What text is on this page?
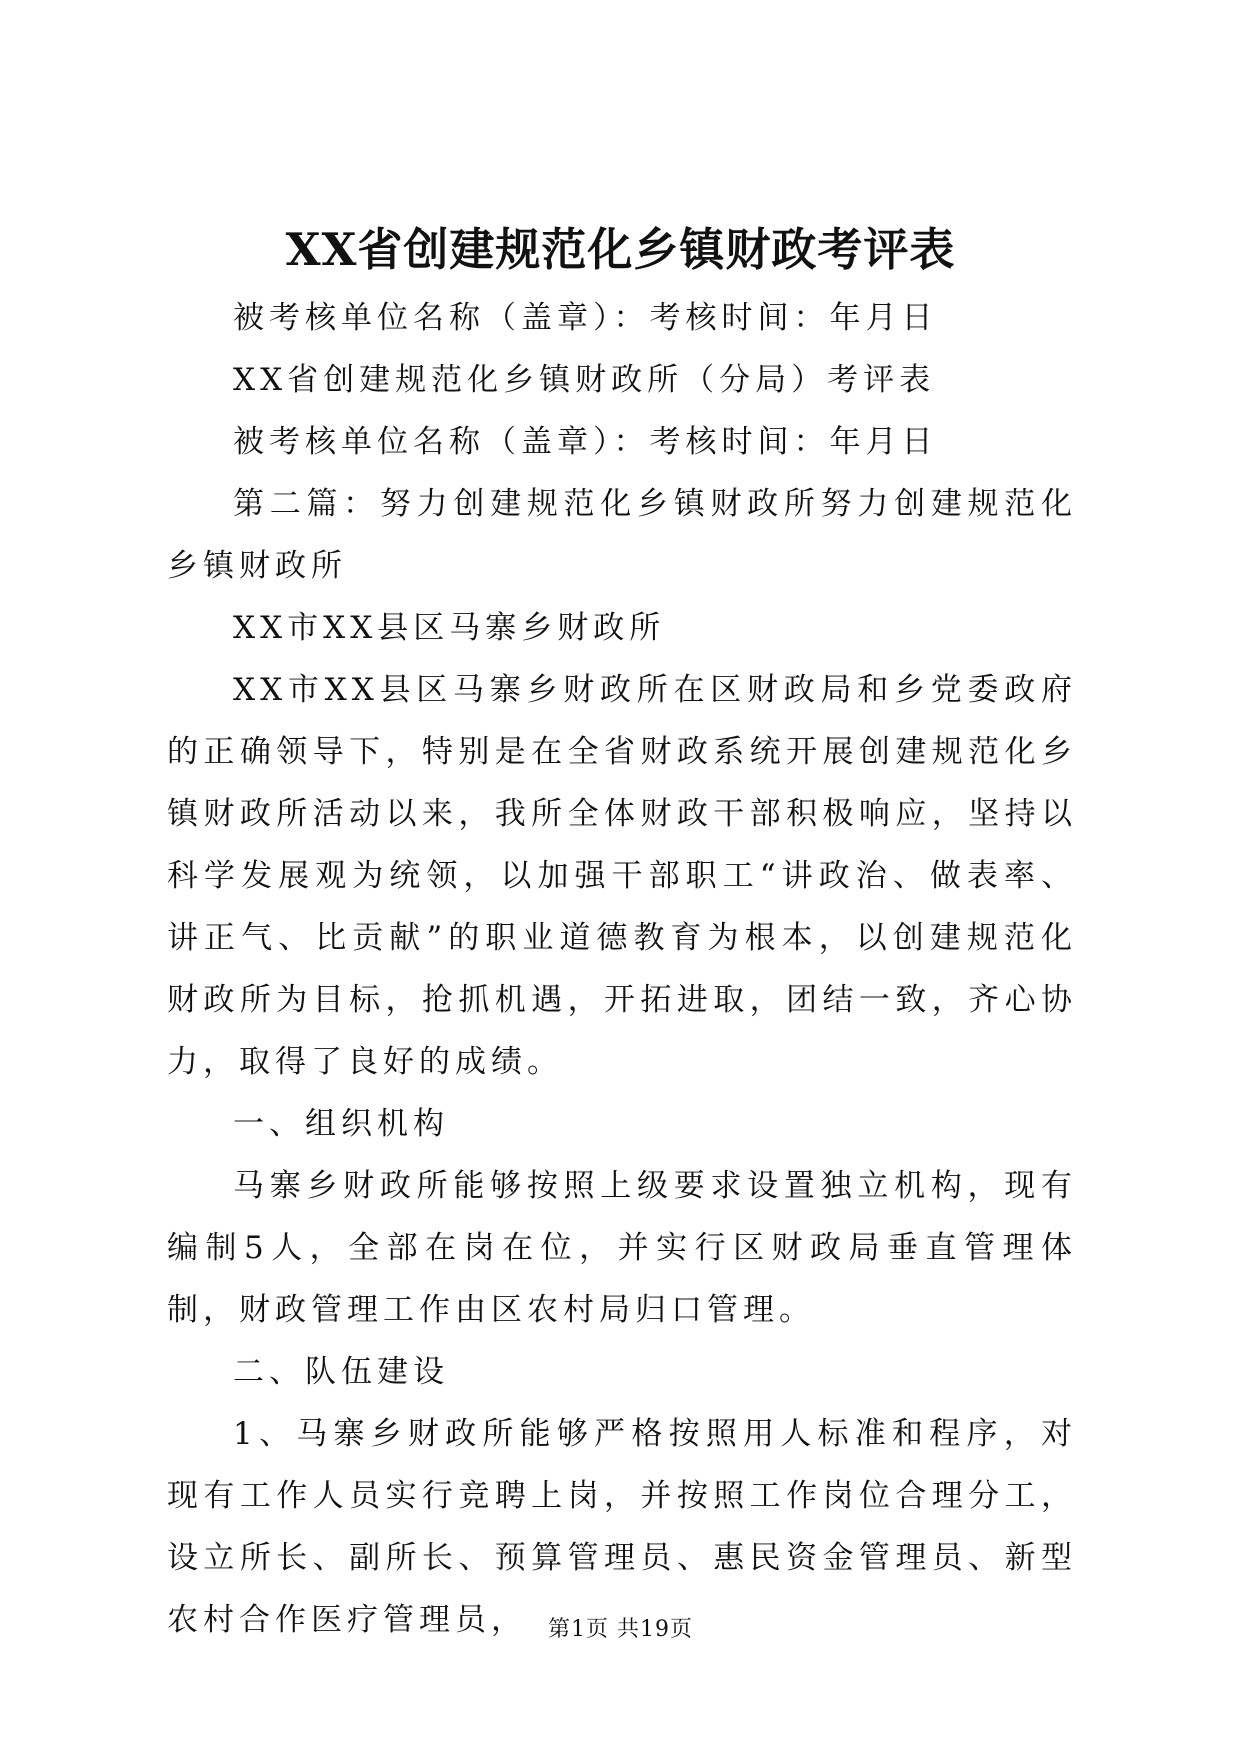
XX省创建规范化乡镇财政考评表

被考核单位名称（盖章）：考核时间：年月日

XX省创建规范化乡镇财政所（分局）考评表

被考核单位名称（盖章）：考核时间：年月日

第二篇：努力创建规范化乡镇财政所努力创建规范化乡镇财政所

XX市XX县区马寨乡财政所

XX市XX县区马寨乡财政所在区财政局和乡党委政府的正确领导下，特别是在全省财政系统开展创建规范化乡镇财政所活动以来，我所全体财政干部积极响应，坚持以科学发展观为统领，以加强干部职工“讲政治、做表率、讲正气、比贡献”的职业道德教育为根本，以创建规范化财政所为目标，抢抓机遇，开拓进取，团结一致，齐心协力，取得了良好的成绩。

一、组织机构

马寨乡财政所能够按照上级要求设置独立机构，现有编制5人，全部在岗在位，并实行区财政局垂直管理体制，财政管理工作由区农村局归口管理。

二、队伍建设

1、马寨乡财政所能够严格按照用人标准和程序，对现有工作人员实行竞聘上岗，并按照工作岗位合理分工，设立所长、副所长、预算管理员、惠民资金管理员、新型农村合作医疗管理员， 第1页 共19页
